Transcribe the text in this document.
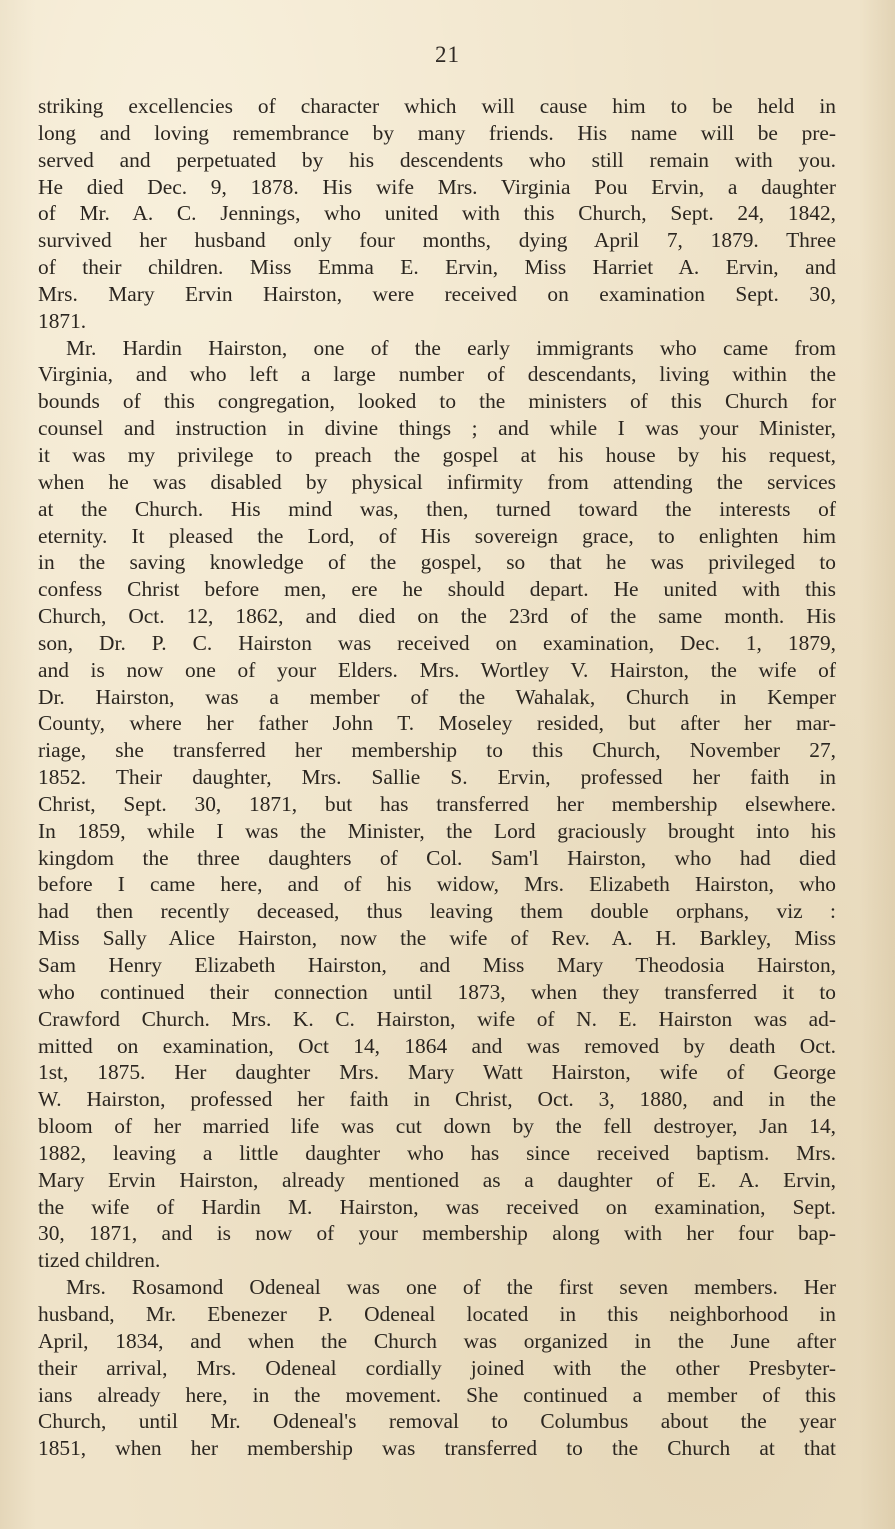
21
striking excellencies of character which will cause him to be held in
long and loving remembrance by many friends. His name will be pre-
served and perpetuated by his descendents who still remain with you.
He died Dec. 9, 1878. His wife Mrs. Virginia Pou Ervin, a daughter
of Mr. A. C. Jennings, who united with this Church, Sept. 24, 1842,
survived her husband only four months, dying April 7, 1879. Three
of their children. Miss Emma E. Ervin, Miss Harriet A. Ervin, and
Mrs. Mary Ervin Hairston, were received on examination Sept. 30,
1871.
Mr. Hardin Hairston, one of the early immigrants who came from
Virginia, and who left a large number of descendants, living within the
bounds of this congregation, looked to the ministers of this Church for
counsel and instruction in divine things ; and while I was your Minister,
it was my privilege to preach the gospel at his house by his request,
when he was disabled by physical infirmity from attending the services
at the Church. His mind was, then, turned toward the interests of
eternity. It pleased the Lord, of His sovereign grace, to enlighten him
in the saving knowledge of the gospel, so that he was privileged to
confess Christ before men, ere he should depart. He united with this
Church, Oct. 12, 1862, and died on the 23rd of the same month. His
son, Dr. P. C. Hairston was received on examination, Dec. 1, 1879,
and is now one of your Elders. Mrs. Wortley V. Hairston, the wife of
Dr. Hairston, was a member of the Wahalak, Church in Kemper
County, where her father John T. Moseley resided, but after her mar-
riage, she transferred her membership to this Church, November 27,
1852. Their daughter, Mrs. Sallie S. Ervin, professed her faith in
Christ, Sept. 30, 1871, but has transferred her membership elsewhere.
In 1859, while I was the Minister, the Lord graciously brought into his
kingdom the three daughters of Col. Sam'l Hairston, who had died
before I came here, and of his widow, Mrs. Elizabeth Hairston, who
had then recently deceased, thus leaving them double orphans, viz :
Miss Sally Alice Hairston, now the wife of Rev. A. H. Barkley, Miss
Sam Henry Elizabeth Hairston, and Miss Mary Theodosia Hairston,
who continued their connection until 1873, when they transferred it to
Crawford Church. Mrs. K. C. Hairston, wife of N. E. Hairston was ad-
mitted on examination, Oct 14, 1864 and was removed by death Oct.
1st, 1875. Her daughter Mrs. Mary Watt Hairston, wife of George
W. Hairston, professed her faith in Christ, Oct. 3, 1880, and in the
bloom of her married life was cut down by the fell destroyer, Jan 14,
1882, leaving a little daughter who has since received baptism. Mrs.
Mary Ervin Hairston, already mentioned as a daughter of E. A. Ervin,
the wife of Hardin M. Hairston, was received on examination, Sept.
30, 1871, and is now of your membership along with her four bap-
tized children.
Mrs. Rosamond Odeneal was one of the first seven members. Her
husband, Mr. Ebenezer P. Odeneal located in this neighborhood in
April, 1834, and when the Church was organized in the June after
their arrival, Mrs. Odeneal cordially joined with the other Presbyter-
ians already here, in the movement. She continued a member of this
Church, until Mr. Odeneal's removal to Columbus about the year
1851, when her membership was transferred to the Church at that
